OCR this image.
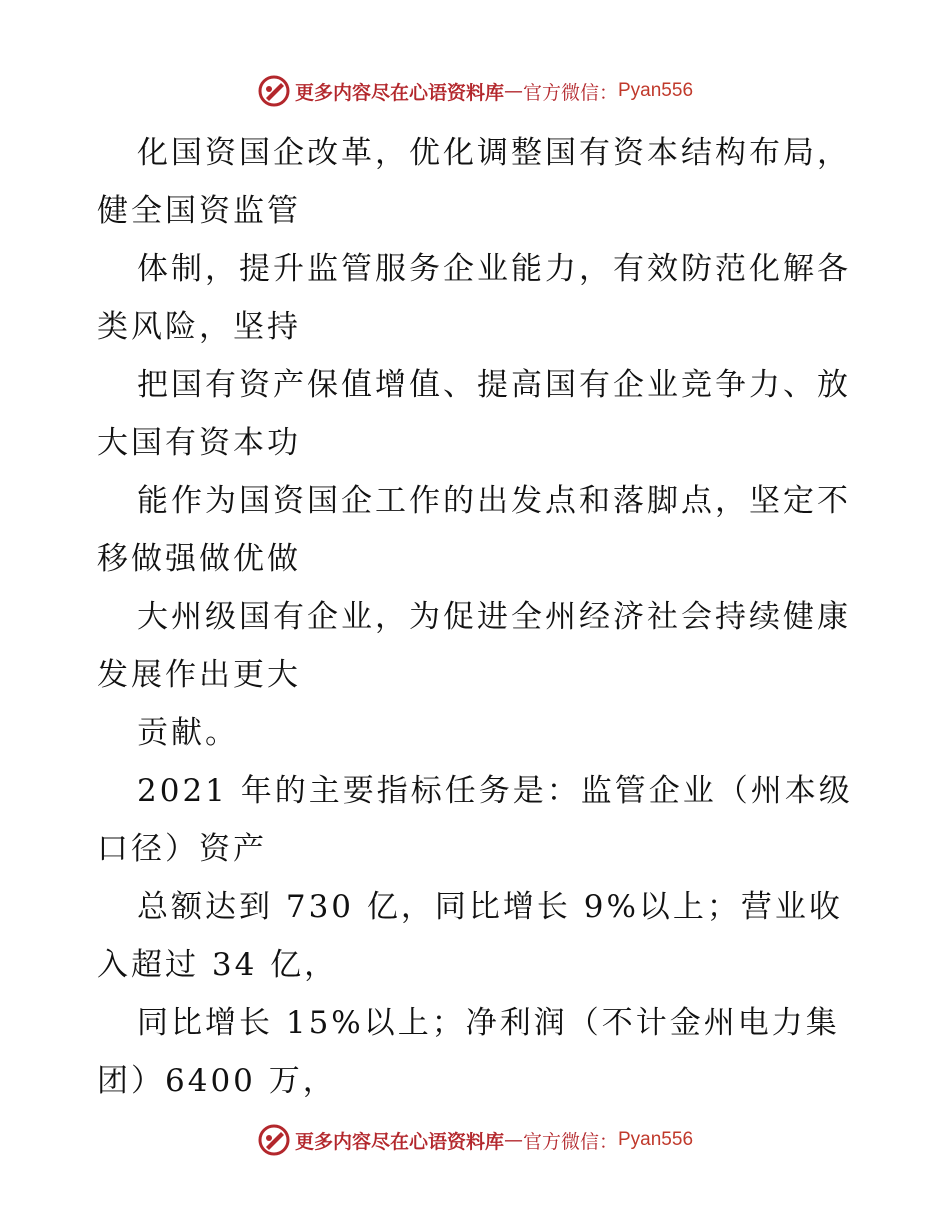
更多内容尽在心语资料库 — 官方微信： Pyan556

化国资国企改革，优化调整国有资本结构布局，
健全国资监管

体制，提升监管服务企业能力，有效防范化解各
类风险，坚持

把国有资产保值增值、提高国有企业竞争力、放
大国有资本功

能作为国资国企工作的出发点和落脚点，坚定不
移做强做优做

大州级国有企业，为促进全州经济社会持续健康
发展作出更大

贡献。

2021 年的主要指标任务是：监管企业（州本级
口径）资产

总额达到 730 亿，同比增长 9%以上；营业收
入超过 34 亿，

同比增长 15%以上；净利润（不计金州电力集
团）6400 万，

更多内容尽在心语资料库 — 官方微信： Pyan556
